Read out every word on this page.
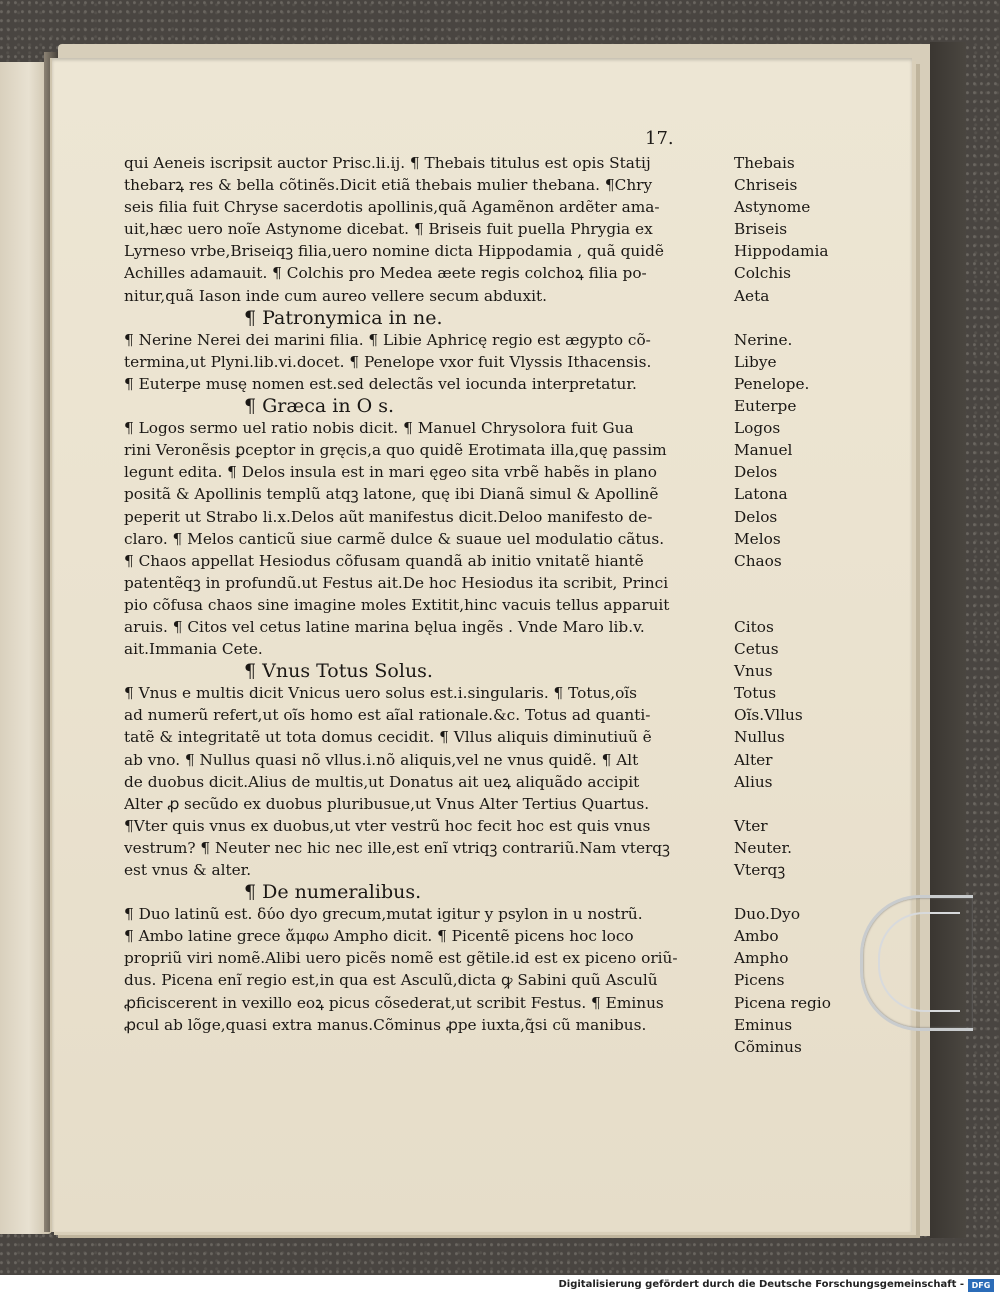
17.
qui Aeneis iscripsit auctor Prisc.li.ij. ¶ Thebais titulus est opis Statij
thebarꝝ res & bella cõtinẽs.Dicit etiã thebais mulier thebana. ¶Chry
seis filia fuit Chryse sacerdotis apollinis,quã Agamẽnon ardẽter ama-
uit,hæc uero noĩe Astynome dicebat. ¶ Briseis fuit puella Phrygia ex
Lyrneso vrbe,Briseiqꝫ filia,uero nomine dicta Hippodamia , quã quidẽ
Achilles adamauit. ¶ Colchis pro Medea æete regis colchoꝝ filia po-
nitur,quã Iason inde cum aureo vellere secum abduxit.
¶ Patronymica in ne.
¶ Nerine Nerei dei marini filia. ¶ Libie Aphricę regio est ægypto cõ-
termina,ut Plyni.lib.vi.docet. ¶ Penelope vxor fuit Vlyssis Ithacensis.
¶ Euterpe musę nomen est.sed delectãs vel iocunda interpretatur.
¶ Græca in O s.
¶ Logos sermo uel ratio nobis dicit. ¶ Manuel Chrysolora fuit Gua
rini Veronẽsis ꝑceptor in gręcis,a quo quidẽ Erotimata illa,quę passim
legunt edita. ¶ Delos insula est in mari ęgeo sita vrbẽ habẽs in plano
positã & Apollinis templũ atqꝫ latone, quę ibi Dianã simul & Apollinẽ
peperit ut Strabo li.x.Delos aũt manifestus dicit.Deloo manifesto de-
claro. ¶ Melos canticũ siue carmẽ dulce & suaue uel modulatio cãtus.
¶ Chaos appellat Hesiodus cõfusam quandã ab initio vnitatẽ hiantẽ
patentẽqꝫ in profundũ.ut Festus ait.De hoc Hesiodus ita scribit, Princi
pio cõfusa chaos sine imagine moles Extitit,hinc vacuis tellus apparuit
aruis. ¶ Citos vel cetus latine marina bęlua ingẽs . Vnde Maro lib.v.
ait.Immania Cete.
¶ Vnus Totus Solus.
¶ Vnus e multis dicit Vnicus uero solus est.i.singularis. ¶ Totus,oĩs
ad numerũ refert,ut oĩs homo est aĩal rationale.&c. Totus ad quanti-
tatẽ & integritatẽ ut tota domus cecidit. ¶ Vllus aliquis diminutiuũ ẽ
ab vno. ¶ Nullus quasi nõ vllus.i.nõ aliquis,vel ne vnus quidẽ. ¶ Alt
de duobus dicit.Alius de multis,ut Donatus ait ueꝝ aliquãdo accipit
Alter ꝓ secũdo ex duobus pluribusue,ut Vnus Alter Tertius Quartus.
¶Vter quis vnus ex duobus,ut vter vestrũ hoc fecit hoc est quis vnus
vestrum? ¶ Neuter nec hic nec ille,est enĩ vtriqꝫ contrariũ.Nam vterqꝫ
est vnus & alter.
¶ De numeralibus.
¶ Duo latinũ est. δύο dyo grecum,mutat igitur y psylon in u nostrũ.
¶ Ambo latine grece ἄμφω Ampho dicit. ¶ Picentẽ picens hoc loco
propriũ viri nomẽ.Alibi uero picẽs nomẽ est gẽtile.id est ex piceno oriũ-
dus. Picena enĩ regio est,in qua est Asculũ,dicta ꝙ Sabini quũ Asculũ
ꝓficiscerent in vexillo eoꝝ picus cõsederat,ut scribit Festus. ¶ Eminus
ꝓcul ab lõge,quasi extra manus.Cõminus ꝓpe iuxta,q̃si cũ manibus.
Thebais
Chriseis
Astynome
Briseis
Hippodamia
Colchis
Aeta
Nerine.
Libye
Penelope.
Euterpe
Logos
Manuel
Delos
Latona
Delos
Melos
Chaos
Citos
Cetus
Vnus
Totus
Oĩs.Vllus
Nullus
Alter
Alius
Vter
Neuter.
Vterqꝫ
Duo.Dyo
Ambo
Ampho
Picens
Picena regio
Eminus
Cõminus
Digitalisierung gefördert durch die Deutsche Forschungsgemeinschaft - DFG
